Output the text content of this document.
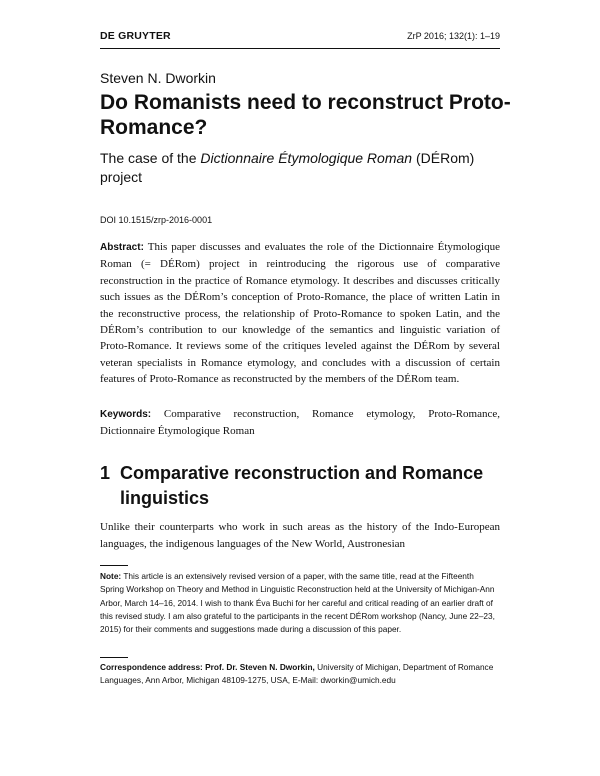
DE GRUYTER	ZrP 2016; 132(1): 1–19
Steven N. Dworkin
Do Romanists need to reconstruct Proto-Romance?

The case of the Dictionnaire Étymologique Roman (DÉRom) project

DOI 10.1515/zrp-2016-0001

Abstract: This paper discusses and evaluates the role of the Dictionnaire Étymologique Roman (= DÉRom) project in reintroducing the rigorous use of comparative reconstruction in the practice of Romance etymology. It describes and discusses critically such issues as the DÉRom’s conception of Proto-Romance, the place of written Latin in the reconstructive process, the relationship of Proto-Romance to spoken Latin, and the DÉRom’s contribution to our knowledge of the semantics and linguistic variation of Proto-Romance. It reviews some of the critiques leveled against the DÉRom by several veteran specialists in Romance etymology, and concludes with a discussion of certain features of Proto-Romance as reconstructed by the members of the DÉRom team.

Keywords: Comparative reconstruction, Romance etymology, Proto-Romance, Dictionnaire Étymologique Roman

1 Comparative reconstruction and Romance linguistics

Unlike their counterparts who work in such areas as the history of the Indo-European languages, the indigenous languages of the New World, Austronesian

Note: This article is an extensively revised version of a paper, with the same title, read at the Fifteenth Spring Workshop on Theory and Method in Linguistic Reconstruction held at the University of Michigan-Ann Arbor, March 14–16, 2014. I wish to thank Éva Buchi for her careful and critical reading of an earlier draft of this revised study. I am also grateful to the participants in the recent DÉRom workshop (Nancy, June 22–23, 2015) for their comments and suggestions made during a discussion of this paper.

Correspondence address: Prof. Dr. Steven N. Dworkin, University of Michigan, Department of Romance Languages, Ann Arbor, Michigan 48109-1275, USA, E-Mail: dworkin@umich.edu
